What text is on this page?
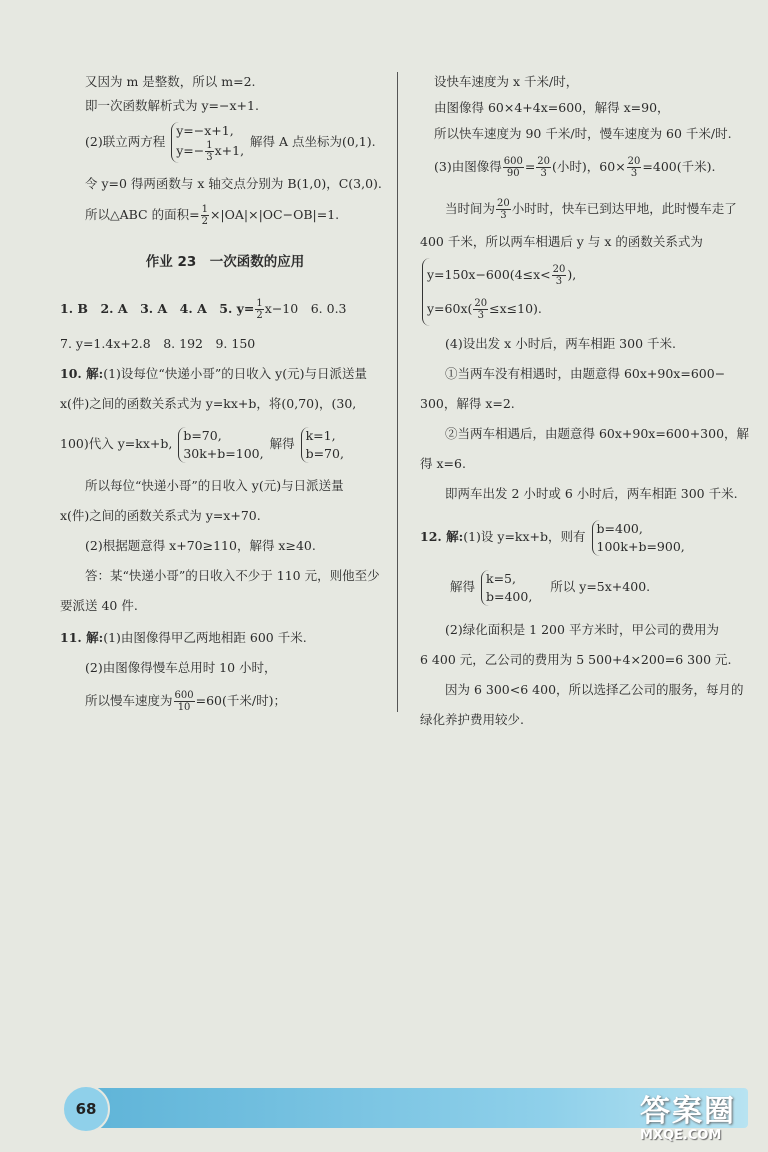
又因为 m 是整数，所以 m=2.
即一次函数解析式为 y=−x+1.
(2)联立两方程
y=−x+1,
$y=- \frac{1}{3} x+1$,
解得 A 点坐标为(0,1).
令 y=0 得两函数与 x 轴交点分别为 B(1,0)，C(3,0).
所以△ABC 的面积= $\frac{1}{2} \times|OA|\times|OC-OB|=1$.
作业 23　一次函数的应用
1. B　2. A　3. A　4. A　5. $y= \frac{1}{2} x-10$　6. 0.3
7. y=1.4x+2.8　8. 192　9. 150
10. 解:(1)设每位“快递小哥”的日收入 y(元)与日派送量
x(件)之间的函数关系式为 y=kx+b，将(0,70)，(30,
100)代入 y=kx+b,
b=70,
30k+b=100,
解得
k=1,
b=70,
所以每位“快递小哥”的日收入 y(元)与日派送量
x(件)之间的函数关系式为 y=x+70.
(2)根据题意得 x+70≥110，解得 x≥40.
答：某“快递小哥”的日收入不少于 110 元，则他至少
要派送 40 件.
11. 解:(1)由图像得甲乙两地相距 600 千米.
(2)由图像得慢车总用时 10 小时，
所以慢车速度为 $\frac{600}{10} =60$(千米/时)；
设快车速度为 x 千米/时，
由图像得 60×4+4x=600，解得 x=90，
所以快车速度为 90 千米/时，慢车速度为 60 千米/时.
(3)由图像得 $\frac{600}{90} = \frac{20}{3}$ (小时)，$60\times \frac{20}{3} =400$(千米).
当时间为 $\frac{20}{3}$ 小时时，快车已到达甲地，此时慢车走了
400 千米，所以两车相遇后 y 与 x 的函数关系式为
$y=150x-600(4\le x< \frac{20}{3}$ ),
$y=60x( \frac{20}{3} \le x\le 10)$.
(4)设出发 x 小时后，两车相距 300 千米.
①当两车没有相遇时，由题意得 60x+90x=600−
300，解得 x=2.
②当两车相遇后，由题意得 60x+90x=600+300，解
得 x=6.
即两车出发 2 小时或 6 小时后，两车相距 300 千米.
12. 解:(1)设 y=kx+b，则有
b=400,
100k+b=900,
解得
k=5,
b=400,
所以 y=5x+400.
(2)绿化面积是 1 200 平方米时，甲公司的费用为
6 400 元，乙公司的费用为 5 500+4×200=6 300 元.
因为 6 300<6 400，所以选择乙公司的服务，每月的
绿化养护费用较少.
68	答案圈
MXQE.COM
